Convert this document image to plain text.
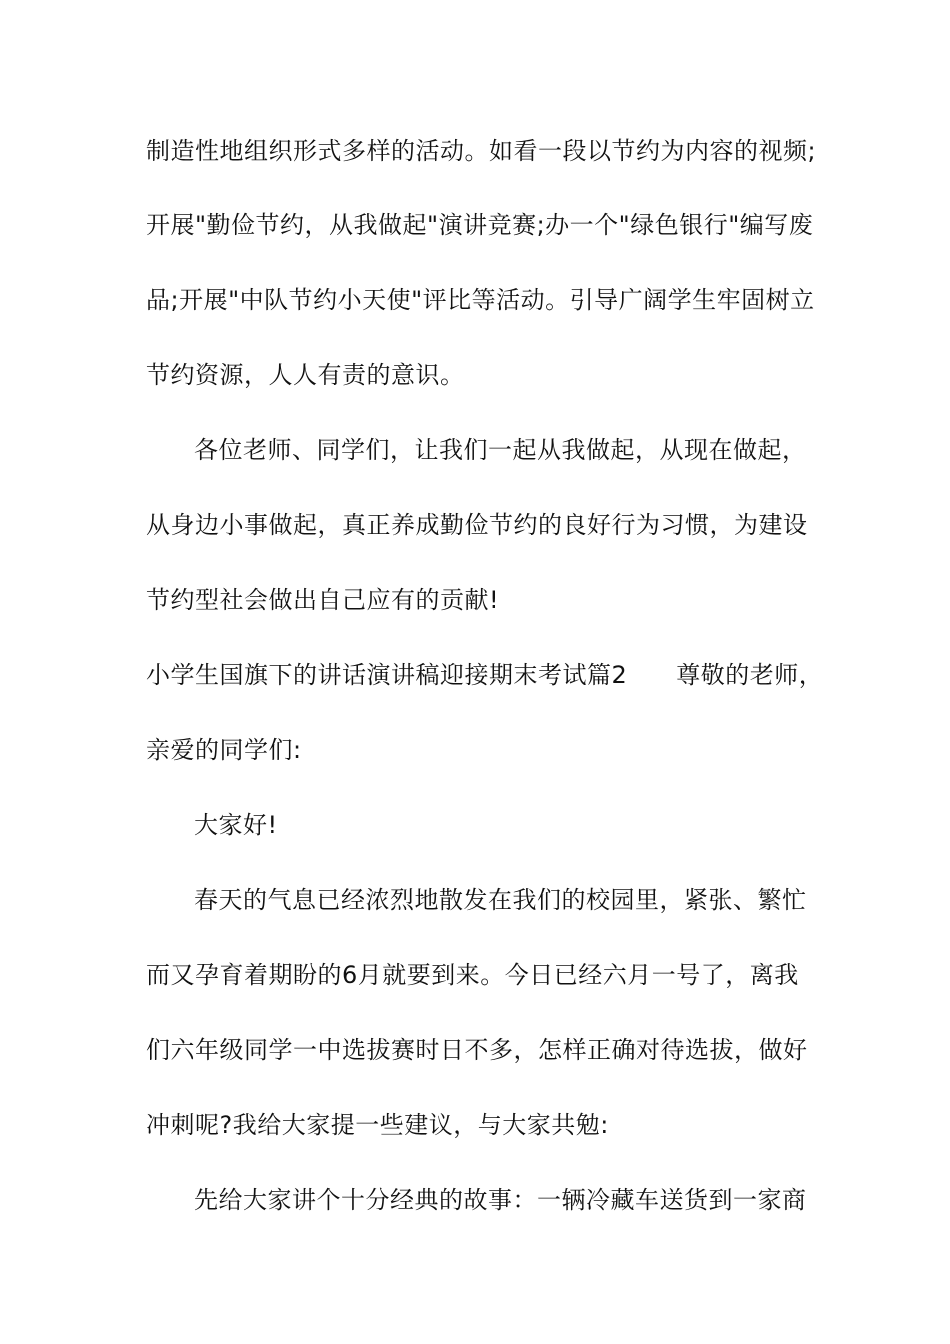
制造性地组织形式多样的活动。如看一段以节约为内容的视频;
开展"勤俭节约，从我做起"演讲竞赛;办一个"绿色银行"编写废
品;开展"中队节约小天使"评比等活动。引导广阔学生牢固树立
节约资源，人人有责的意识。
各位老师、同学们，让我们一起从我做起，从现在做起，
从身边小事做起，真正养成勤俭节约的良好行为习惯，为建设
节约型社会做出自己应有的贡献!
小学生国旗下的讲话演讲稿迎接期末考试篇2　　尊敬的老师，
亲爱的同学们:
大家好!
春天的气息已经浓烈地散发在我们的校园里，紧张、繁忙
而又孕育着期盼的6月就要到来。今日已经六月一号了，离我
们六年级同学一中选拔赛时日不多，怎样正确对待选拔，做好
冲刺呢?我给大家提一些建议，与大家共勉:
先给大家讲个十分经典的故事：一辆冷藏车送货到一家商
